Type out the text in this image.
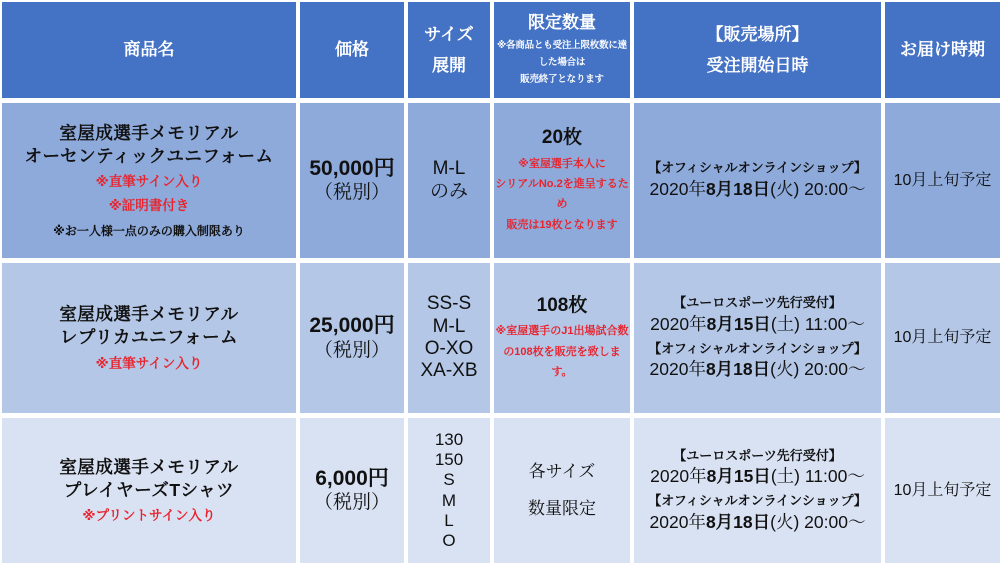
商品名	価格
サイズ
展開
限定数量
※各商品とも受注上限枚数に達
した場合は
販売終了となります
【販売場所】
受注開始日時
お届け時期
室屋成選手メモリアル
オーセンティックユニフォーム
※直筆サイン入り
※証明書付き
※お一人様一点のみの購入制限あり
50,000円
（税別）
M-L
のみ
20枚
※室屋選手本人に
シリアルNo.2を進呈するため
販売は19枚となります
【オフィシャルオンラインショップ】
2020年8月18日(火) 20:00～ 10月上旬予定
室屋成選手メモリアル
レプリカユニフォーム
※直筆サイン入り
25,000円
（税別）
SS-S
M-L
O-XO
XA-XB
108枚
※室屋選手のJ1出場試合数
の108枚を販売を致します。
【ユーロスポーツ先行受付】
2020年8月15日(土) 11:00～
【オフィシャルオンラインショップ】
2020年8月18日(火) 20:00～
10月上旬予定
室屋成選手メモリアル
プレイヤーズTシャツ
※プリントサイン入り
6,000円
（税別）
130
150
S
M
L
O
各サイズ
数量限定
【ユーロスポーツ先行受付】
2020年8月15日(土) 11:00～
【オフィシャルオンラインショップ】
2020年8月18日(火) 20:00～
10月上旬予定
